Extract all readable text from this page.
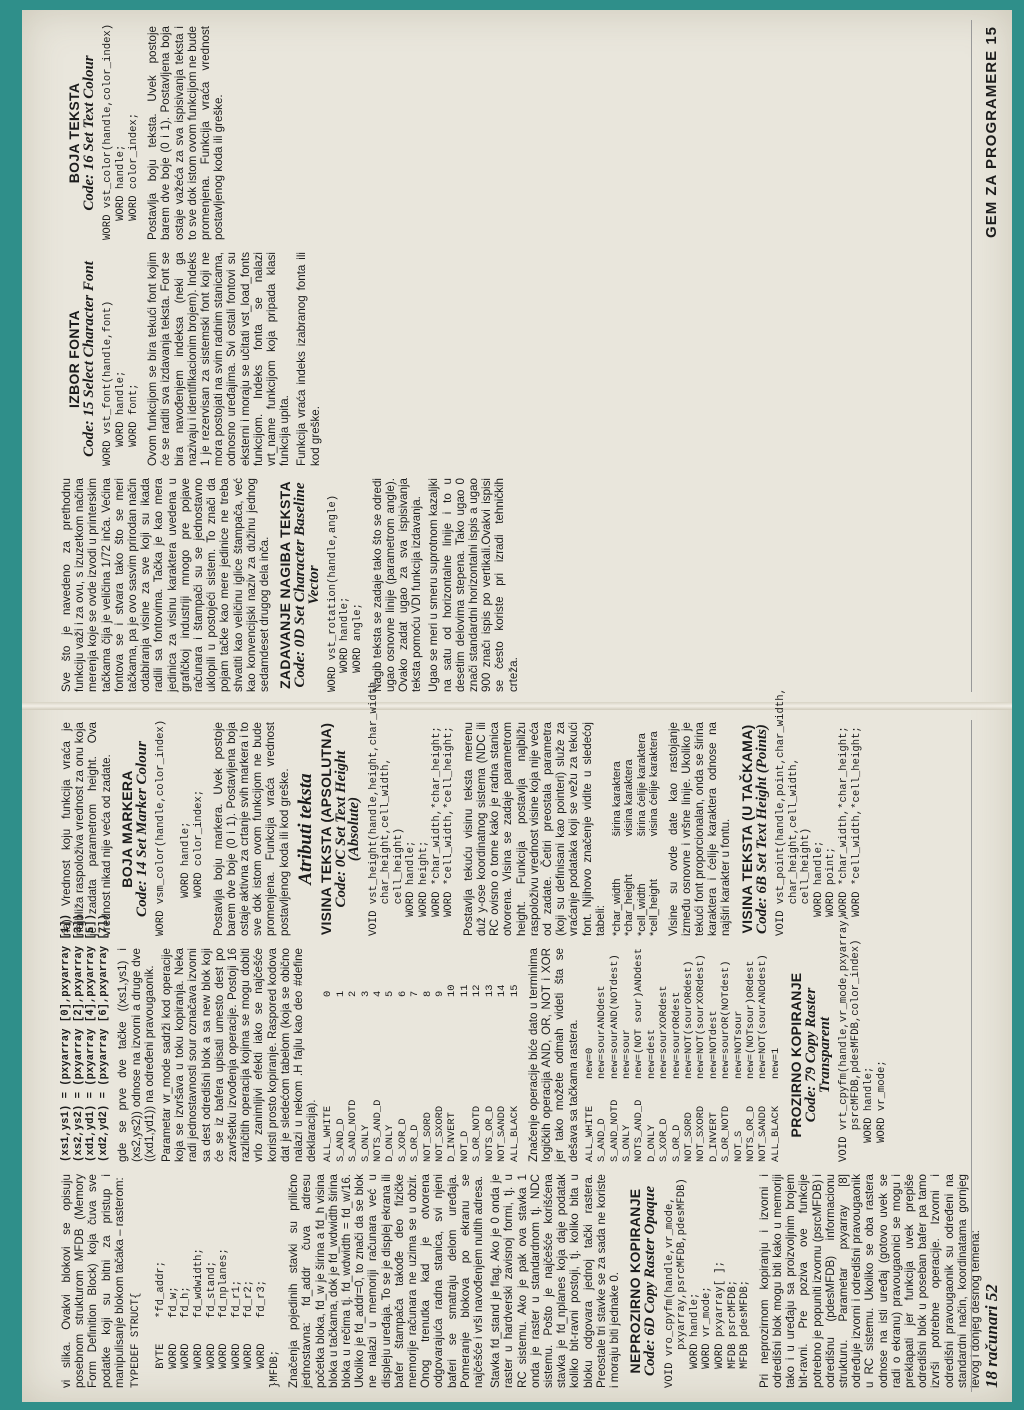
vi slika. Ovakvi blokovi se opisuju posebnom strukturom MFDB (Memory Form Definition Block) koja čuva sve podatke koji su bitni za pristup i manipulisanje blokom tačaka – rasterom: TYPEDEF STRUCT{

BYTE    *fd_addr;
WORD    fd_w;
WORD    fd_h;
WORD    fd_wdwidth;
WORD    fd_stand;
WORD    fd_nplanes;
WORD    fd_r1;
WORD    fd_r2;
WORD    fd_r3;
}MFDB; Značenja pojedinih stavki su prilično jednostavna: fd_addr čuva adresu početka bloka, fd_w je širina a fd_h visina bloka u tačkama, dok je fd_wdwidth širina bloka u rečima tj. fd_wdwidth = fd_w/16. Ukoliko je fd_addr=0, to znači da se blok ne nalazi u memoriji računara već u displeju uređaja. To se je displej ekrana ili bafer štampača takođe deo fizičke memorije računara ne uzima se u obzir. Onog trenutka kad je otvorena odgovarajuća radna stanica, svi njeni baferi se smatraju delom uređaja. Pomeranje blokova po ekranu se najčešće i vrši navođenjem nultih adresa. Stavka fd_stand je flag. Ako je 0 onda je raster u hardverski zavisnoj formi, tj. u RC sistemu. Ako je pak ova stavka 1 onda je raster u standardnom tj. NDC sistemu. Pošto je najčešće korišćena stavka je fd_nplanes koja daje podatak koliko bit-ravni postoji, tj. koliko bita u bloku odgovara jednoj tački rastera. Preostale tri stavke se za sada ne koriste i moraju biti jednake 0. NEPROZIRNO KOPIRANJE Code: 6D Copy Raster Opaque VOID vro_cpyfm(handle,vr_mode,
pxyarray,psrcMFDB,pdesMFDB)
WORD handle;
WORD vr_mode;
WORD pxyarray[ ];
MFDB psrcMFDB;
MFDB pdesMFDB; Pri neprozirnom kopiranju i izvorni i odredišni blok mogu biti kako u memoriji tako i u uređaju sa proizvoljnim brojem bit-ravni. Pre poziva ove funkcije potrebno je popuniti izvornu (psrcMFDB) i odredišnu (pdesMFDB) informacionu strukturu. Parametar pxyarray [8] određuje izvorni i odredišni pravougaonik u RC sistemu. Ukoliko se oba rastera odnose na isti uređaj (gotovo uvek se radi o ekranu) pravougaonici se mogu i preklapati jer funkcija uvek prepiše odredišni blok u poseban bafer pa tamo izvrši potrebne operacije. Izvorni i odredišni pravougaonik su određeni na standardni način, koordinatama gornjeg levog i donjeg desnog temena:

(xs1,ys1) = (pxyarray [0],pxyarray [1])
(xs2,ys2) = (pxyarray [2],pxyarray [3])
(xd1,yd1) = (pxyarray [4],pxyarray [5])
(xd2,yd2) = (pxyarray [6],pxyarray [7])

gde se prve dve tačke ((xs1,ys1) i (xs2,ys2)) odnose na izvorni a druge dve ((xd1,yd1)) na određeni pravougaonik. Parametar vr_mode sadrži kod operacije koja se izvršava u toku kopiranja. Neka radi jednostavnosti sour označava izvorni sa dest odredišni blok a sa new blok koji će se iz bafera upisati umesto dest po završetku izvođenja operacije. Postoji 16 različitih operacija kojima se mogu dobiti vrlo zanimljivi efekti iako se najčešće koristi prosto kopiranje. Raspored kodova dat je sledećom tabelom (koja se obično nalazi u nekom .H fajlu kao deo #define deklaracija). ALL_WHITE
0
S_AND_D
1
S_AND_NOTD
2
S_ONLY
3
NOTS_AND_D
4
D_ONLY
5
S_XOR_D
6
S_OR_D
7
NOT_SORD
8
NOT_SXORD
9
D_INVERT
10
NOT_D
11
S_OR_NOTD
12
NOTS_OR_D
13
NOT_SANDD
14
ALL_BLACK
15 Značenje operacije biće dato u terminima logičkih operacija AND, OR, NOT i XOR jer tako možete odmah videti šta se dešava sa tačkama rastera. ALL_WHITE
new=0
S_AND_D
new=sourANDdest
S_AND_NOTD
new=sourAND(NOTdest)
S_ONLY
new=sour
NOTS_AND_D
new=(NOT sour)ANDdest
D_ONLY
new=dest
S_XOR_D
new=sourXORdest
S_OR_D
new=sourORdest
NOT_SORD
new=NOT(sourORdest)
NOT_SXORD
new=NOT(sourXORdest)
D_INVERT
new=NOTdest
S_OR_NOTD
new=sourOR(NOTdest)
NOT_S
new=NOTsour
NOTS_OR_D
new=(NOTsour)ORdest
NOT_SANDD
new=NOT(sourANDdest)
ALL_BLACK
new=1 PROZIRNO KOPIRANJE Code: 79 Copy Raster Transparent
VOID vrt_cpyfm(handle,vr_mode,pxyarray,
psrcMFDB,pdesMFDB,color_index)
WORD handle;
WORD vr_mode;

na). Vrednost koju funkcija vraća je najbliža raspoloživa vrednost za onu koja je zadata parametrom height. Ova vrednost nikad nije veća od zadate. BOJA MARKERA Code: 14 Set Marker Colour
WORD vsm_color(handle,color_index)

WORD handle;
WORD color_index; Postavlja boju markera. Uvek postoje barem dve boje (0 i 1). Postavljena boja ostaje aktivna za crtanje svih markera i to sve dok istom ovom funkcijom ne bude promenjena. Funkcija vraća vrednost postavljenog koda ili kod greške. Atributi teksta VISINA TEKSTA (APSOLUTNA) Code: 0C Set Text Height (Absolute)
VOID vst_height(handle,height,char_width,
char_height,cell_width,
cell_height)
WORD handle;
WORD height;
WORD *char_width,*char_height;
WORD *cell_width,*cell_height; Postavlja tekuću visinu teksta merenu duž y-ose koordinatnog sistema (NDC ili RC ovisno o tome kako je radna stanica otvorena. Visina se zadaje parametrom height. Funkcija postavlja najbližu raspoloživu vrednost visine koja nije veća od zadate. Četiri preostala parametra (koji su definisani kao pointeri) služe za vraćanje podataka koji se vežu za tekući font. Njihovo značenje vidite u sledećoj tabeli: *char_width
širina karaktera
*char_height
visina karaktera
*cell_width
širina ćelije karaktera
*cell_height
visina ćelije karaktera Visine su ovde date kao rastojanje između osnovne i vršne linije. Ukoliko je tekući font proporcionalan, onda se širina karaktera i ćelije karaktera odnose na najširi karakter u fontu. VISINA TEKSTA (U TAČKAMA) Code: 6B Set Text Height (Points) VOID vst_point(handle,point,char_width,
char_height,cell_width,
cell_height)
WORD handle;
WORD point;
WORD *char_width,*char_height;
WORD *cell_width,*cell_height;
18 računari 52

Sve što je navedeno za prethodnu funkciju važi i za ovu, s izuzetkom načina merenja koje se ovde izvodi u printerskim tačkama čija je veličina 1/72 inča. Većina fontova se i stvara tako što se meri tačkama, pa je ovo sasvim prirodan način odabiranja visine za sve koji su ikada radili sa fontovima. Tačka je kao mera jedinica za visinu karaktera uvedena u grafičkoj industriji mnogo pre pojave računara i štampači su se jednostavno uklopili u postojeći sistem. To znači da pojam tačke kao mere jedinice ne treba shvatiti kao veličinu iglice štampača, već kao konvencijski naziv za dužinu jednog sedamdeset drugog dela inča. ZADAVANJE NAGIBA TEKSTA Code: 0D Set Character Baseline Vector
WORD vst_rotation(handle,angle)
WORD handle;
WORD angle; Nagib teksta se zadaje tako što se odredi ugao osnovne linije (parametrom angle). Ovako zadat ugao za sva ispisivanja teksta pomoću VDI funkcija izdavanja. Ugao se meri u smeru suprotnom kazaljki na satu od horizontalne linije i to u desetim delovima stepena. Tako ugao 0 znači standardni horizontalni ispis a ugao 900 značı ispis po vertikali.Ovakvi ispisi se često koriste pri izradi tehničkih crteža.

IZBOR FONTA Code: 15 Select Character Font WORD vst_font(handle,font)
WORD handle;
WORD font; Ovom funkcijom se bira tekući font kojim će se raditi sva izdavanja teksta. Font se bira navođenjem indeksa (neki ga nazivaju i identifikacionim brojem). Indeks 1 je rezervisan za sistemski font koji ne mora postojati na svim radnim stanicama, odnosno uređajima. Svi ostali fontovi su eksterni i moraju se učitati vst_load_fonts funkcijom. Indeks fonta se nalazi vrt_name funkcijom koja pripada klasi funkcija upita. Funkcija vraća indeks izabranog fonta ili kod greške.

BOJA TEKSTA Code: 16 Set Text Colour
WORD vst_color(handle,color_index)
WORD handle;
WORD color_index; Postavlja boju teksta. Uvek postoje barem dve boje (0 i 1). Postavljena boja ostaje važeća za sva ispisivanja teksta i to sve dok istom ovom funkcijom ne bude promenjena. Funkcija vraća vrednost postavljenog koda ili greške.	GEM ZA PROGRAMERE 15
